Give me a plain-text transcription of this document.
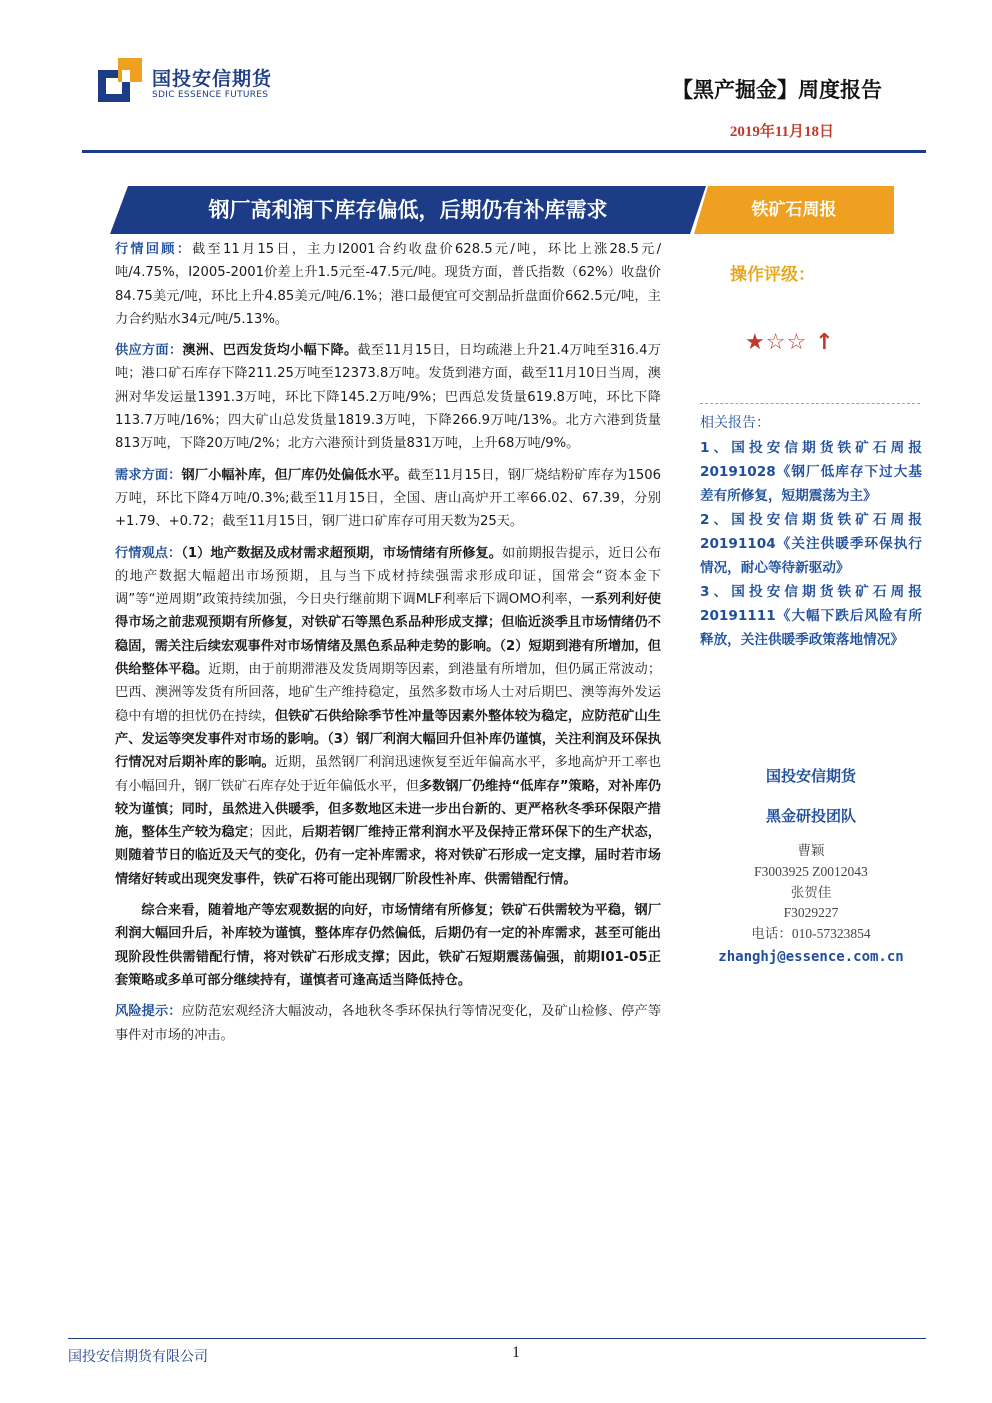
国投安信期货
SDIC ESSENCE FUTURES	【黑产掘金】周度报告
2019年11月18日
钢厂高利润下库存偏低，后期仍有补库需求	铁矿石周报

行情回顾：截至11月15日，主力I2001合约收盘价628.5元/吨，环比上涨28.5元/吨/4.75%，I2005-2001价差上升1.5元至-47.5元/吨。现货方面，普氏指数（62%）收盘价84.75美元/吨，环比上升4.85美元/吨/6.1%；港口最便宜可交割品折盘面价662.5元/吨，主力合约贴水34元/吨/5.13%。

供应方面：澳洲、巴西发货均小幅下降。截至11月15日，日均疏港上升21.4万吨至316.4万吨；港口矿石库存下降211.25万吨至12373.8万吨。发货到港方面，截至11月10日当周，澳洲对华发运量1391.3万吨，环比下降145.2万吨/9%；巴西总发货量619.8万吨，环比下降113.7万吨/16%；四大矿山总发货量1819.3万吨，下降266.9万吨/13%。北方六港到货量813万吨，下降20万吨/2%；北方六港预计到货量831万吨，上升68万吨/9%。

需求方面：钢厂小幅补库，但厂库仍处偏低水平。截至11月15日，钢厂烧结粉矿库存为1506万吨，环比下降4万吨/0.3%;截至11月15日，全国、唐山高炉开工率66.02、67.39，分别+1.79、+0.72；截至11月15日，钢厂进口矿库存可用天数为25天。

行情观点：（1）地产数据及成材需求超预期，市场情绪有所修复。如前期报告提示，近日公布的地产数据大幅超出市场预期，且与当下成材持续强需求形成印证，国常会“资本金下调”等“逆周期”政策持续加强，今日央行继前期下调MLF利率后下调OMO利率，一系列利好使得市场之前悲观预期有所修复，对铁矿石等黑色系品种形成支撑；但临近淡季且市场情绪仍不稳固，需关注后续宏观事件对市场情绪及黑色系品种走势的影响。（2）短期到港有所增加，但供给整体平稳。近期，由于前期滞港及发货周期等因素，到港量有所增加，但仍属正常波动；巴西、澳洲等发货有所回落，地矿生产维持稳定，虽然多数市场人士对后期巴、澳等海外发运稳中有增的担忧仍在持续，但铁矿石供给除季节性冲量等因素外整体较为稳定，应防范矿山生产、发运等突发事件对市场的影响。（3）钢厂利润大幅回升但补库仍谨慎，关注利润及环保执行情况对后期补库的影响。近期，虽然钢厂利润迅速恢复至近年偏高水平，多地高炉开工率也有小幅回升，钢厂铁矿石库存处于近年偏低水平，但多数钢厂仍维持“低库存”策略，对补库仍较为谨慎；同时，虽然进入供暖季，但多数地区未进一步出台新的、更严格秋冬季环保限产措施，整体生产较为稳定；因此，后期若钢厂维持正常利润水平及保持正常环保下的生产状态，则随着节日的临近及天气的变化，仍有一定补库需求，将对铁矿石形成一定支撑，届时若市场情绪好转或出现突发事件，铁矿石将可能出现钢厂阶段性补库、供需错配行情。

综合来看，随着地产等宏观数据的向好，市场情绪有所修复；铁矿石供需较为平稳，钢厂利润大幅回升后，补库较为谨慎，整体库存仍然偏低，后期仍有一定的补库需求，甚至可能出现阶段性供需错配行情，将对铁矿石形成支撑；因此，铁矿石短期震荡偏强，前期I01-05正套策略或多单可部分继续持有，谨慎者可逢高适当降低持仓。

风险提示：应防范宏观经济大幅波动，各地秋冬季环保执行等情况变化，及矿山检修、停产等事件对市场的冲击。

操作评级：
★☆☆ ↑
相关报告：
1、国投安信期货铁矿石周报20191028《钢厂低库存下过大基差有所修复，短期震荡为主》
2、国投安信期货铁矿石周报20191104《关注供暖季环保执行情况，耐心等待新驱动》
3、国投安信期货铁矿石周报20191111《大幅下跌后风险有所释放，关注供暖季政策落地情况》
国投安信期货
黑金研投团队
曹颖
F3003925 Z0012043
张贺佳
F3029227
电话：010-57323854
zhanghj@essence.com.cn
国投安信期货有限公司	1
